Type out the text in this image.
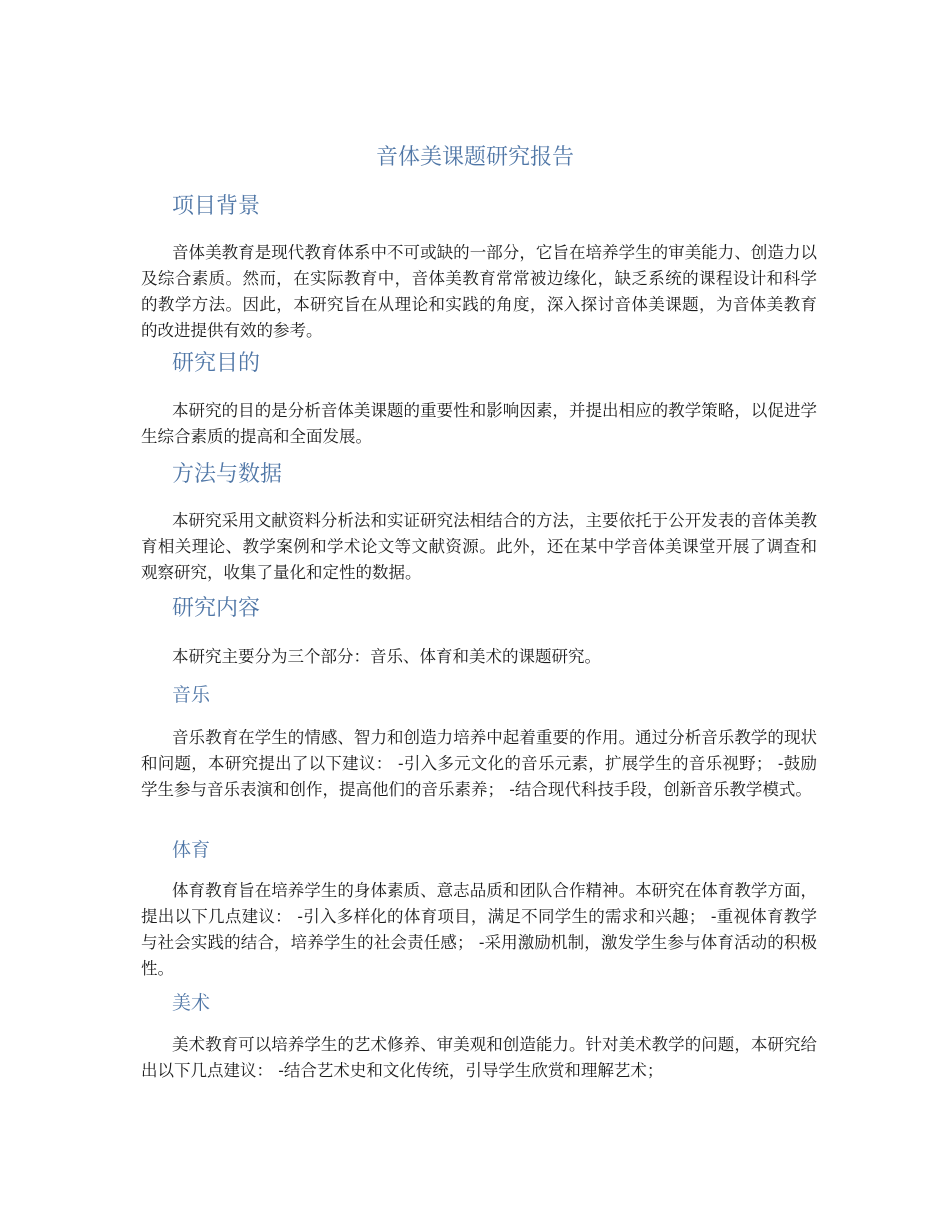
音体美课题研究报告
项目背景

音体美教育是现代教育体系中不可或缺的一部分，它旨在培养学生的审美能力、创造力以及综合素质。然而，在实际教育中，音体美教育常常被边缘化，缺乏系统的课程设计和科学的教学方法。因此，本研究旨在从理论和实践的角度，深入探讨音体美课题，为音体美教育的改进提供有效的参考。

研究目的

本研究的目的是分析音体美课题的重要性和影响因素，并提出相应的教学策略，以促进学生综合素质的提高和全面发展。

方法与数据

本研究采用文献资料分析法和实证研究法相结合的方法，主要依托于公开发表的音体美教育相关理论、教学案例和学术论文等文献资源。此外，还在某中学音体美课堂开展了调查和观察研究，收集了量化和定性的数据。

研究内容

本研究主要分为三个部分：音乐、体育和美术的课题研究。

音乐

音乐教育在学生的情感、智力和创造力培养中起着重要的作用。通过分析音乐教学的现状和问题，本研究提出了以下建议： -引入多元文化的音乐元素，扩展学生的音乐视野； -鼓励学生参与音乐表演和创作，提高他们的音乐素养； -结合现代科技手段，创新音乐教学模式。

体育

体育教育旨在培养学生的身体素质、意志品质和团队合作精神。本研究在体育教学方面，提出以下几点建议： -引入多样化的体育项目，满足不同学生的需求和兴趣； -重视体育教学与社会实践的结合，培养学生的社会责任感； -采用激励机制，激发学生参与体育活动的积极性。

美术

美术教育可以培养学生的艺术修养、审美观和创造能力。针对美术教学的问题，本研究给出以下几点建议： -结合艺术史和文化传统，引导学生欣赏和理解艺术；
